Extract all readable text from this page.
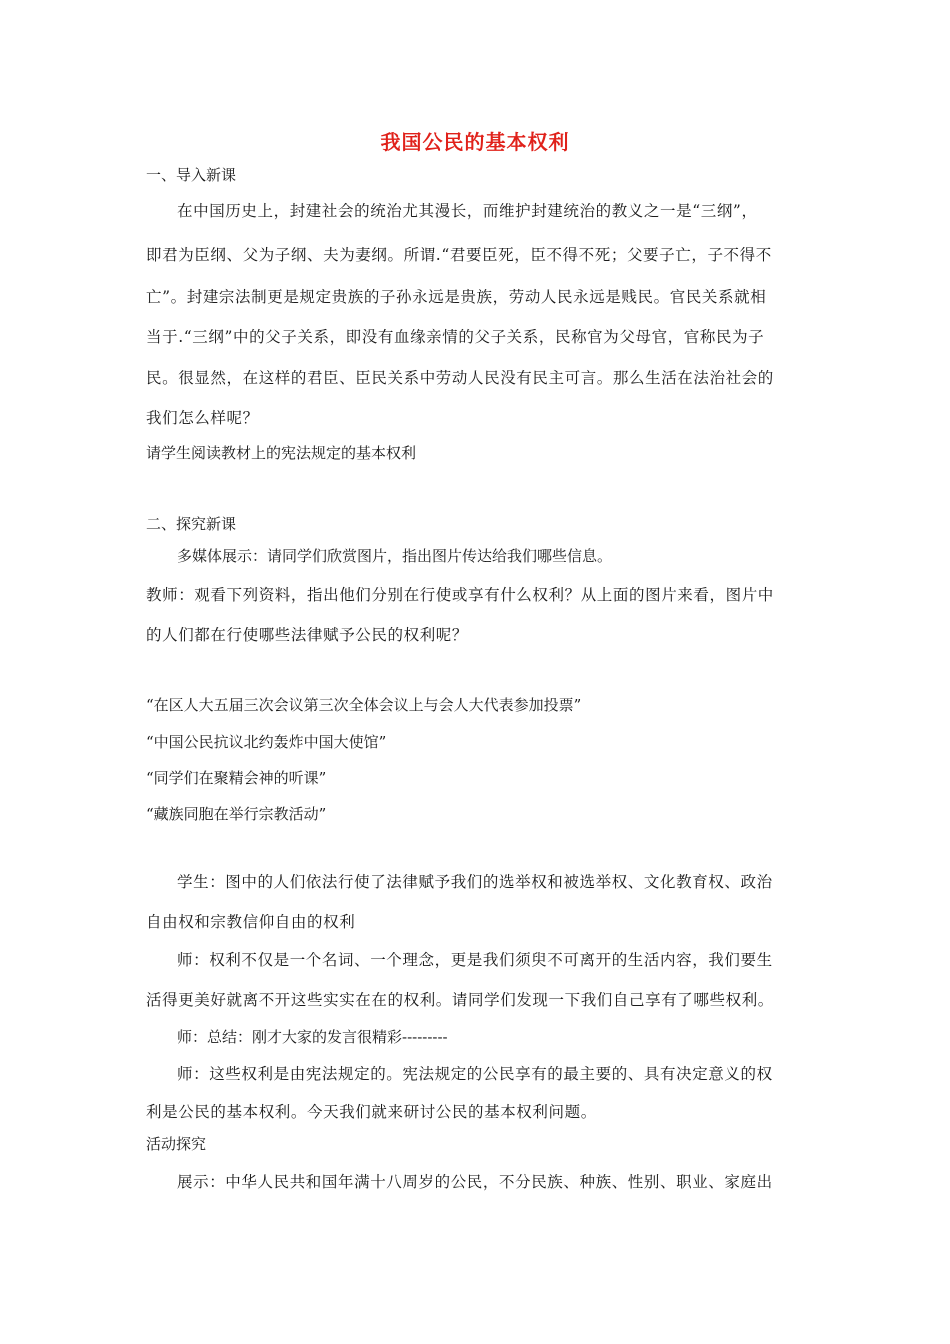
我国公民的基本权利
一、导入新课
在中国历史上，封建社会的统治尤其漫长，而维护封建统治的教义之一是“三纲”，
即君为臣纲、父为子纲、夫为妻纲。所谓.“君要臣死，臣不得不死；父要子亡，子不得不
亡”。封建宗法制更是规定贵族的子孙永远是贵族，劳动人民永远是贱民。官民关系就相
当于.“三纲”中的父子关系，即没有血缘亲情的父子关系，民称官为父母官，官称民为子
民。很显然，在这样的君臣、臣民关系中劳动人民没有民主可言。那么生活在法治社会的
我们怎么样呢？
请学生阅读教材上的宪法规定的基本权利
二、探究新课
多媒体展示：请同学们欣赏图片，指出图片传达给我们哪些信息。
教师：观看下列资料，指出他们分别在行使或享有什么权利？从上面的图片来看，图片中
的人们都在行使哪些法律赋予公民的权利呢？
“在区人大五届三次会议第三次全体会议上与会人大代表参加投票”
“中国公民抗议北约轰炸中国大使馆”
“同学们在聚精会神的听课”
“藏族同胞在举行宗教活动”
学生：图中的人们依法行使了法律赋予我们的选举权和被选举权、文化教育权、政治
自由权和宗教信仰自由的权利
师：权利不仅是一个名词、一个理念，更是我们须臾不可离开的生活内容，我们要生
活得更美好就离不开这些实实在在的权利。请同学们发现一下我们自己享有了哪些权利。
师：总结：刚才大家的发言很精彩---------
师：这些权利是由宪法规定的。宪法规定的公民享有的最主要的、具有决定意义的权
利是公民的基本权利。今天我们就来研讨公民的基本权利问题。
活动探究
展示：中华人民共和国年满十八周岁的公民，不分民族、种族、性别、职业、家庭出
